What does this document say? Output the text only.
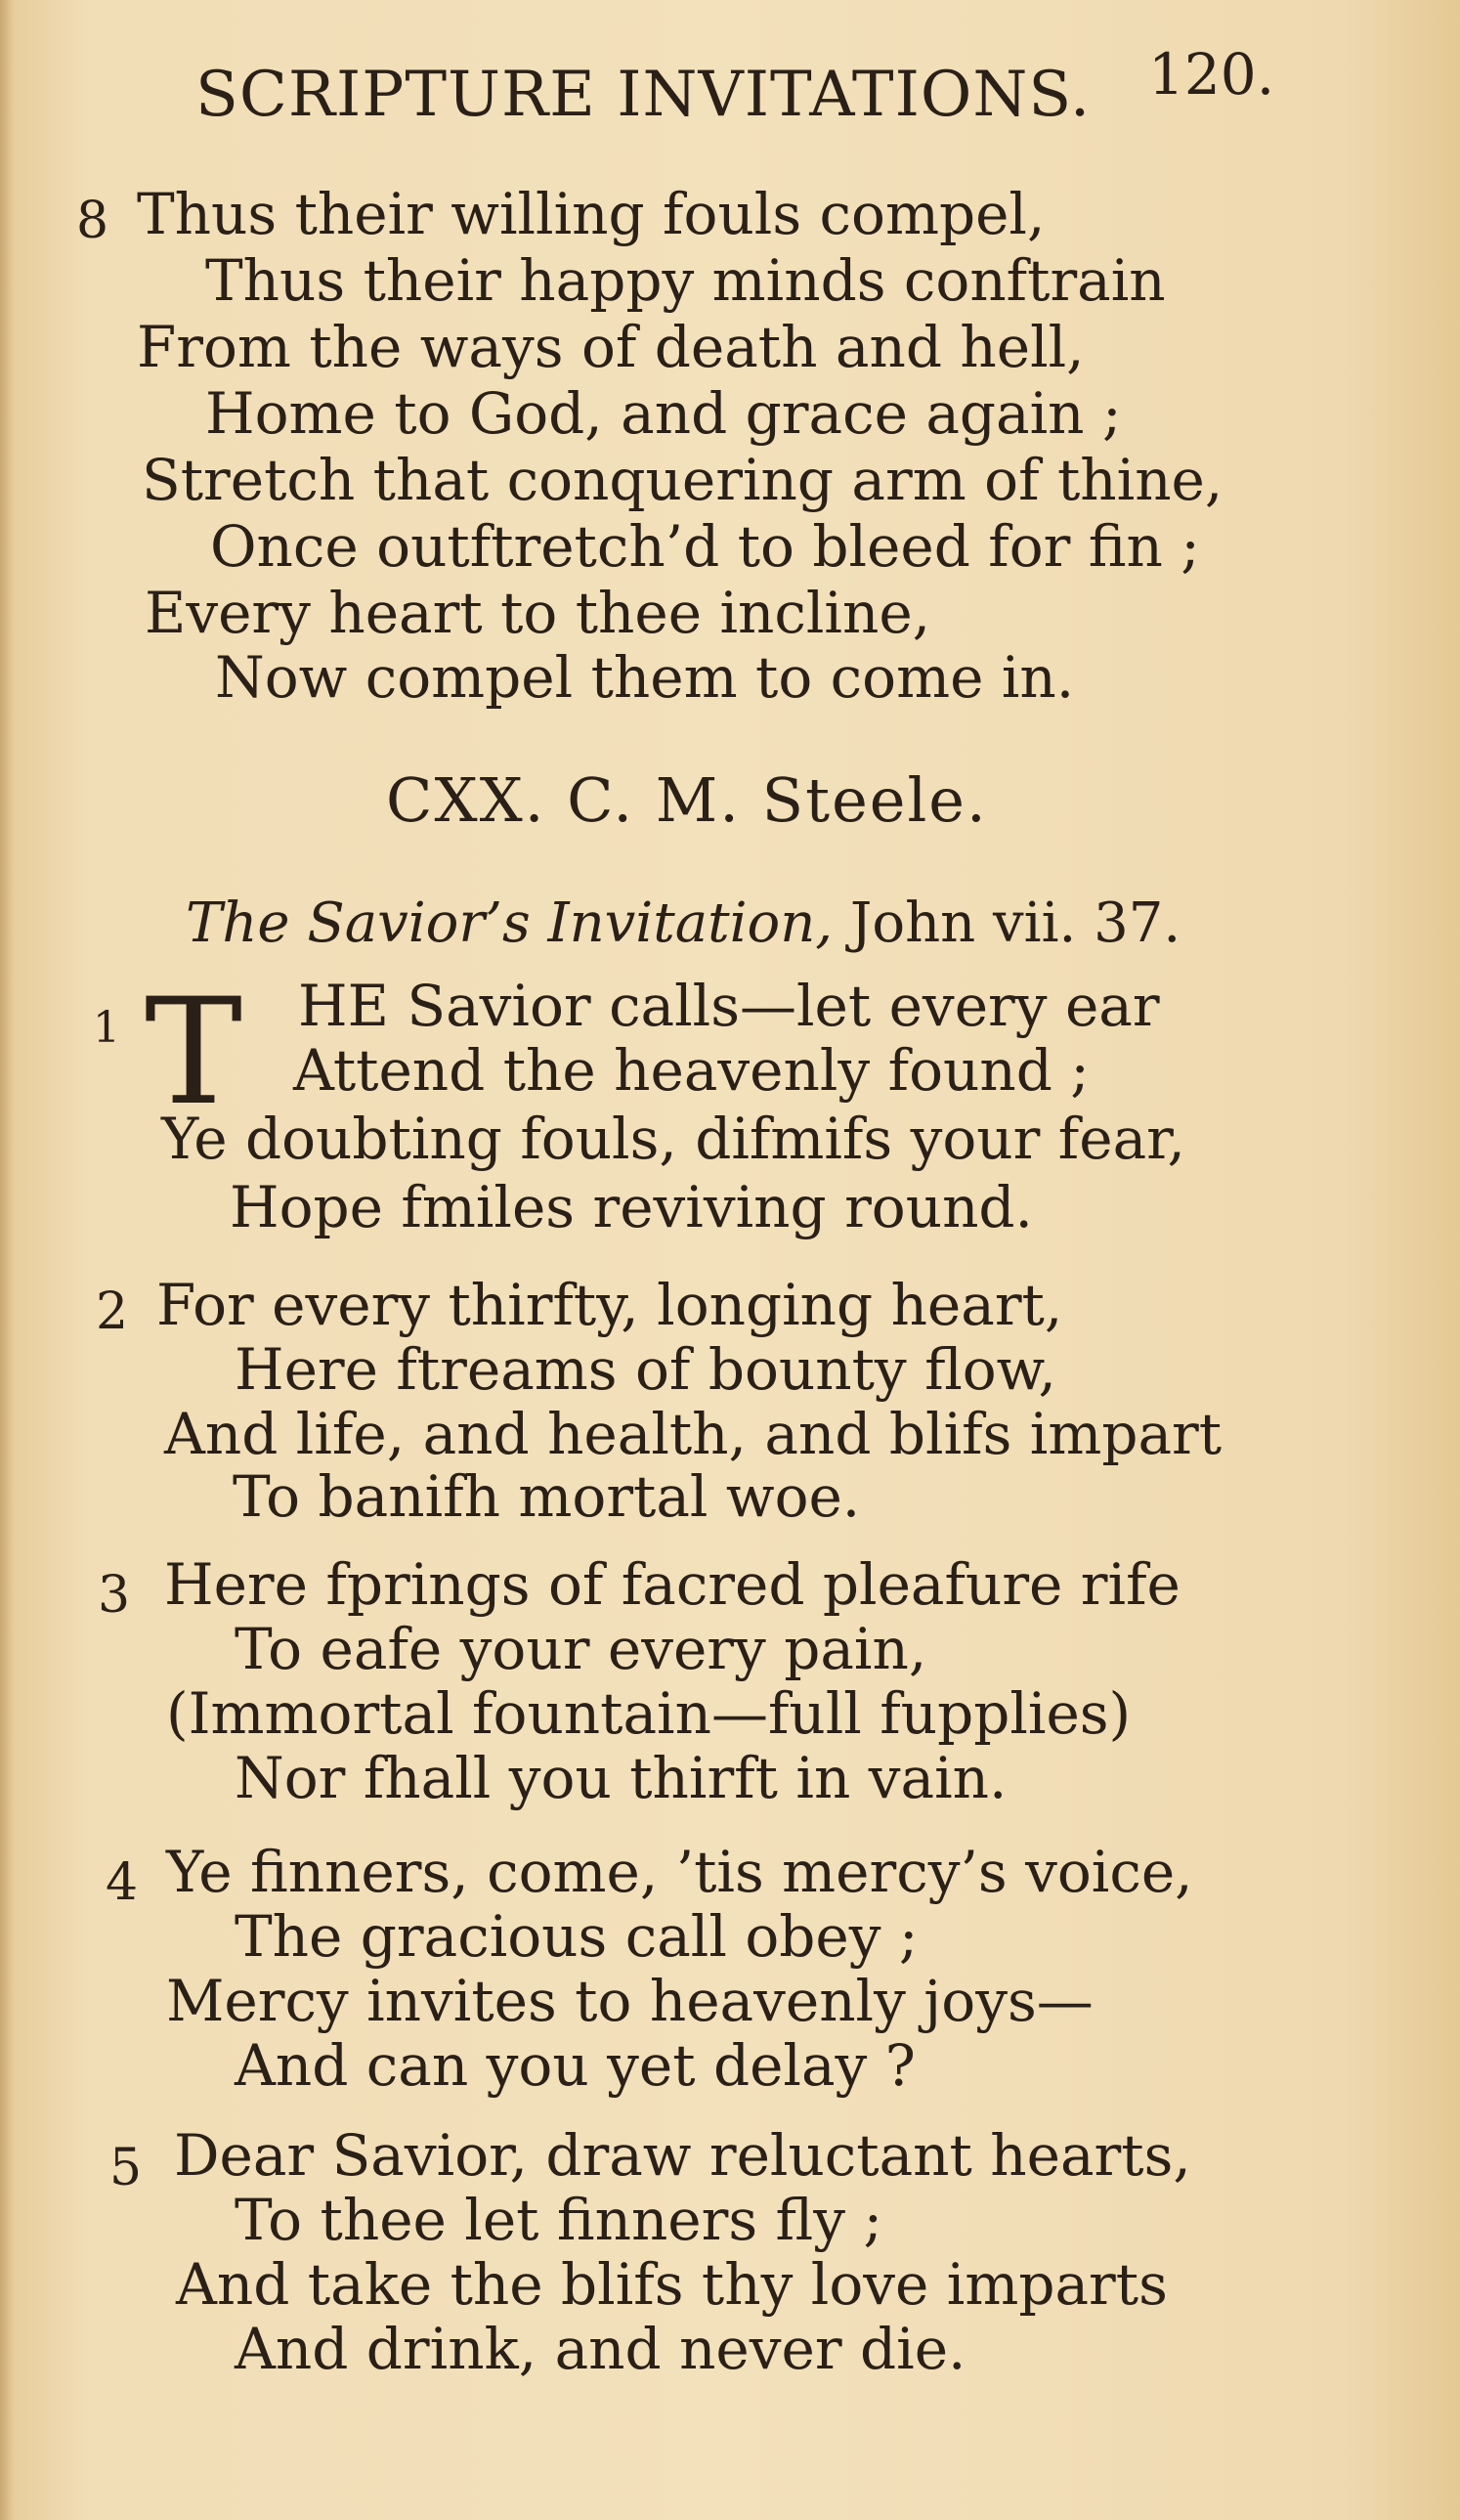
SCRIPTURE INVITATIONS. 120.
8 Thus their willing fouls compel,
Thus their happy minds conftrain
From the ways of death and hell,
Home to God, and grace again ;
Stretch that conquering arm of thine,
Once outftretch’d to bleed for fin ;
Every heart to thee incline,
Now compel them to come in.
CXX. C. M. Steele.
The Savior’s Invitation, John vii. 37.
1 T HE Savior calls—let every ear
Attend the heavenly found ;
Ye doubting fouls, difmifs your fear,
Hope fmiles reviving round.
2 For every thirfty, longing heart,
Here ftreams of bounty flow,
And life, and health, and blifs impart
To banifh mortal woe.
3 Here fprings of facred pleafure rife
To eafe your every pain,
(Immortal fountain—full fupplies)
Nor fhall you thirft in vain.
4 Ye finners, come, ’tis mercy’s voice,
The gracious call obey ;
Mercy invites to heavenly joys—
And can you yet delay ?
5 Dear Savior, draw reluctant hearts,
To thee let finners fly ;
And take the blifs thy love imparts
And drink, and never die.
